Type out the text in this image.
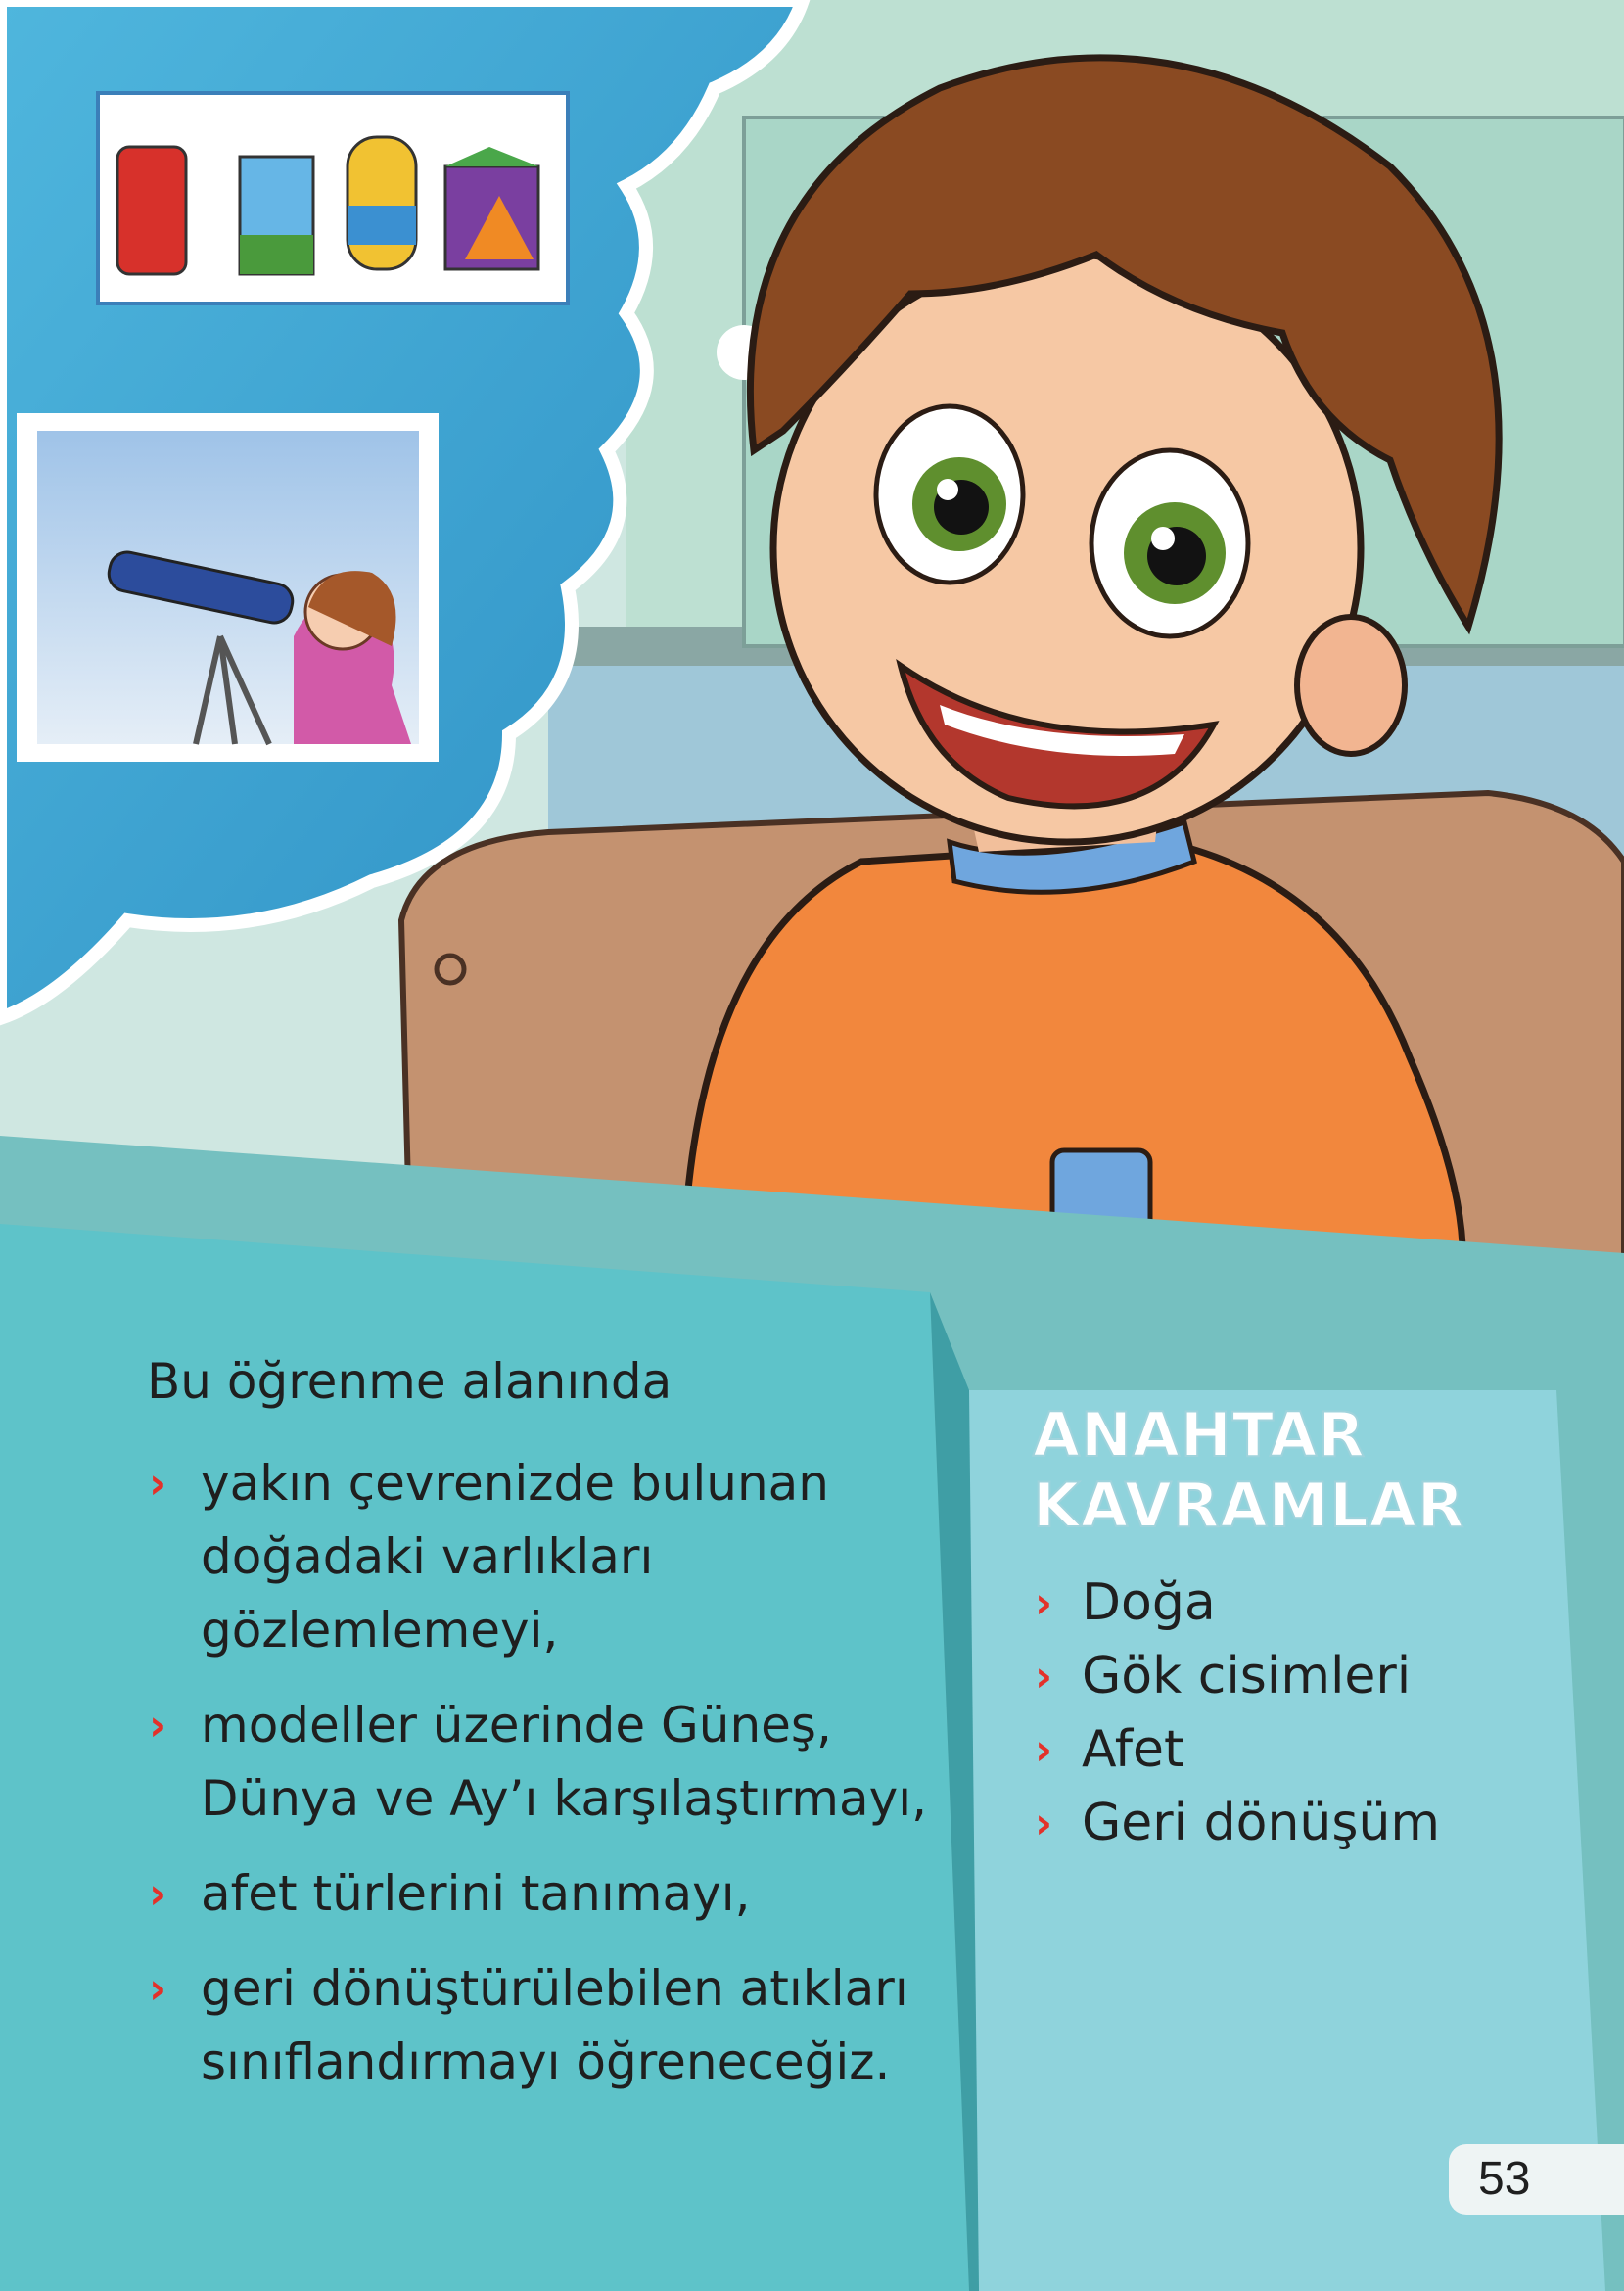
Bu öğrenme alanında

› yakın çevrenizde bulunan doğadaki varlıkları gözlemlemeyi,
› modeller üzerinde Güneş, Dünya ve Ay’ı karşılaştırmayı,
› afet türlerini tanımayı,
› geri dönüştürülebilen atıkları sınıflandırmayı öğreneceğiz.
ANAHTAR
KAVRAMLAR
› Doğa
› Gök cisimleri
› Afet
› Geri dönüşüm
53
